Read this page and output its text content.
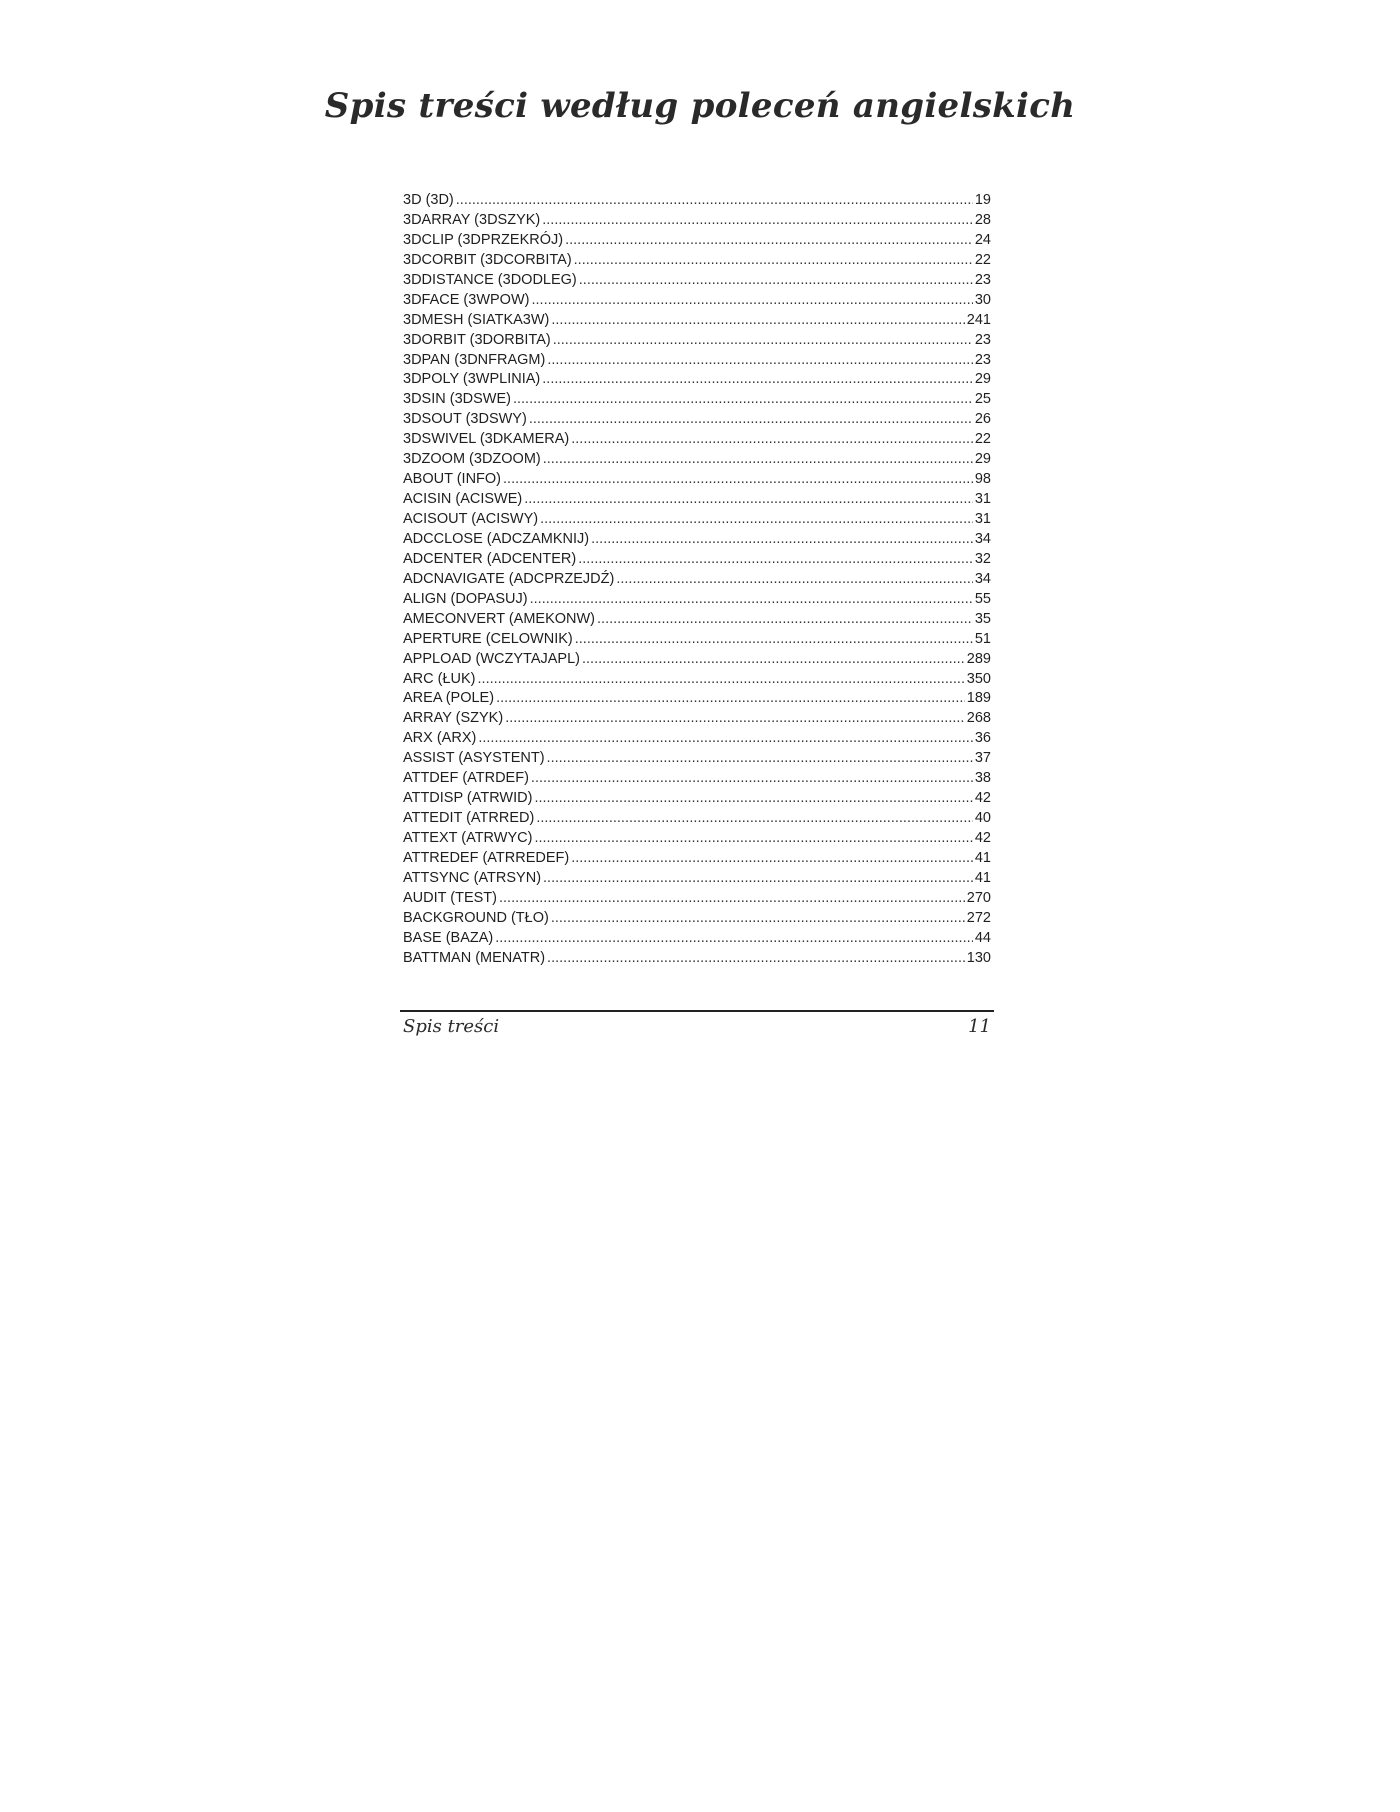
Spis treści według poleceń angielskich
3D (3D) .....	19
3DARRAY (3DSZYK) .....	28
3DCLIP (3DPRZEKRÓJ) .....	24
3DCORBIT (3DCORBITA) .....	22
3DDISTANCE (3DODLEG) .....	23
3DFACE (3WPOW) .....	30
3DMESH (SIATKA3W) .....	241
3DORBIT (3DORBITA) .....	23
3DPAN (3DNFRAGM) .....	23
3DPOLY (3WPLINIA) .....	29
3DSIN (3DSWE) .....	25
3DSOUT (3DSWY) .....	26
3DSWIVEL (3DKAMERA) .....	22
3DZOOM (3DZOOM) .....	29
ABOUT (INFO) .....	98
ACISIN (ACISWE) .....	31
ACISOUT (ACISWY) .....	31
ADCCLOSE (ADCZAMKNIJ) .....	34
ADCENTER (ADCENTER) .....	32
ADCNAVIGATE (ADCPRZEJDŹ) .....	34
ALIGN (DOPASUJ) .....	55
AMECONVERT (AMEKONW) .....	35
APERTURE (CELOWNIK) .....	51
APPLOAD (WCZYTAJAPL) .....	289
ARC (ŁUK) .....	350
AREA (POLE) .....	189
ARRAY (SZYK) .....	268
ARX (ARX) .....	36
ASSIST (ASYSTENT) .....	37
ATTDEF (ATRDEF) .....	38
ATTDISP (ATRWID) .....	42
ATTEDIT (ATRRED) .....	40
ATTEXT (ATRWYC) .....	42
ATTREDEF (ATRREDEF) .....	41
ATTSYNC (ATRSYN) .....	41
AUDIT (TEST) .....	270
BACKGROUND (TŁO) .....	272
BASE (BAZA) .....	44
BATTMAN (MENATR) .....	130
Spis treści	11
